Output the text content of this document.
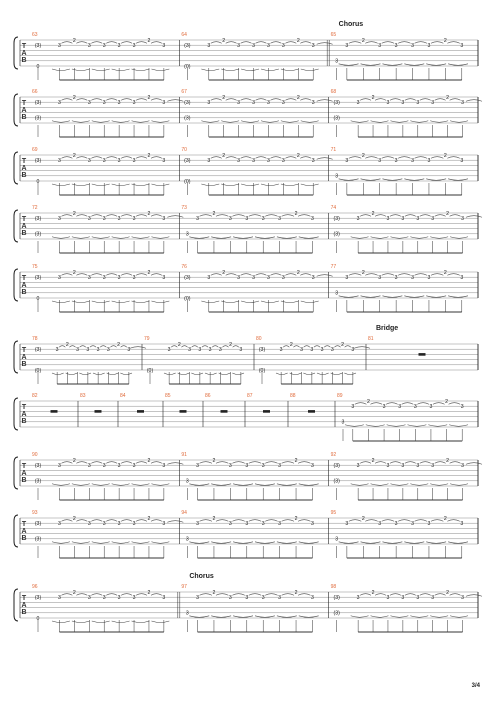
T
A
B
63
0
(3)	3
2
3 3 3 3
2
3
64
(0)
(3)	3
2
3 3 3 3
2
3
65
3
3
2
3	3	3	3
2
3
T
A
B
66
(3)
(3)	3
2
3 3 3 3
2
3
67
(3)
(3)	3
2
3 3 3 3
2
3
68
(3)
(3)	3
2
3 3 3 3
2
3
T
A
B
69
0
(3)	3
2
3 3 3 3
2
3
70
(0)
(3)	3
2
3 3 3 3
2
3
71
3
3
2
3	3	3	3
2
3
T
A
B
72
(3)
(3)	3
2
3 3 3 3
2
3
73
3
3
2
3	3	3	3
2
3
74
(3)
(3)	3
2
3 3 3 3
2
3
T
A
B
75
0
(3)	3
2
3 3 3 3
2
3
76
(0)
(3)	3
2
3 3 3 3
2
3
77
3
3
2
3	3	3	3
2
3
T
A
B
78
(0)
(3)	3
2
3 3 3 3
2
3
79
(0)
3
2
3 3 3 3
2
3
80
(0)
(3)	3
2
3 3 3 3
2
3
81
T
A
B
82	83	84	85	86	87	88	89
3
3
2
3 3 3 3
2
3
T
A
B
90
(3)
(3)	3
2
3 3 3 3
2
3
91
3
3
2
3	3	3	3
2
3
92
(3)
(3)	3
2
3 3 3 3
2
3
T
A
B
93
(3)
(3)	3
2
3 3 3 3
2
3
94
3
3
2
3	3	3	3
2
3
95
3
3
2
3	3	3	3
2
3
T
A
B
96
0
(3)	3
2
3 3 3 3
2
3
97
3
3
2
3	3	3	3
2
3
98
(3)
(3)	3
2
3 3 3 3
2
3
3/4
Chorus
Bridge
Chorus
